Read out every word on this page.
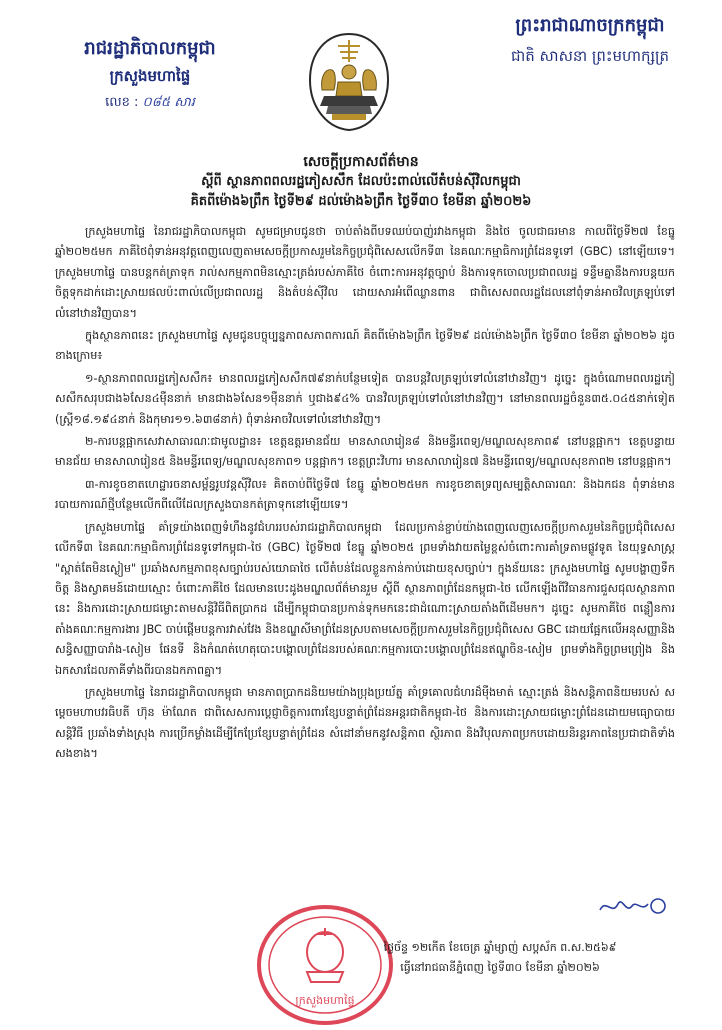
រាជរដ្ឋាភិបាលកម្ពុជា
ក្រសួងមហាផ្ទៃ
លេខ : ០៨៥ សារ
ព្រះរាជាណាចក្រកម្ពុជា
ជាតិ សាសនា ព្រះមហាក្សត្រ
សេចក្តីប្រកាសព័ត៌មាន
ស្តីពី ស្ថានភាពពលរដ្ឋភៀសសឹក ដែលប៉ះពាល់លើតំបន់ស៊ីវិលកម្ពុជា
គិតពីម៉ោង៦ព្រឹក ថ្ងៃទី២៩ ដល់ម៉ោង៦ព្រឹក ថ្ងៃទី៣០ ខែមីនា ឆ្នាំ២០២៦

ក្រសួងមហាផ្ទៃ នៃរាជរដ្ឋាភិបាលកម្ពុជា សូមជម្រាបជូនថា ចាប់តាំងពីបទឈប់បាញ់រវាងកម្ពុជា និងថៃ ចូលជាធរមាន កាលពីថ្ងៃទី២៧ ខែធ្នូ ឆ្នាំ២០២៥មក ភាគីថៃពុំទាន់អនុវត្តពេញលេញតាមសេចក្តីប្រកាសរួមនៃកិច្ចប្រជុំពិសេសលើកទី៣ នៃគណៈកម្មាធិការព្រំដែនទូទៅ (GBC) នៅឡើយទេ។ ក្រសួងមហាផ្ទៃ បានបន្តកត់ត្រាទុក រាល់សកម្មភាពមិនស្មោះត្រង់របស់ភាគីថៃ ចំពោះការអនុវត្តច្បាប់ និងការទុកចោលប្រជាពលរដ្ឋ ទន្ទឹមគ្នានឹងការបន្តយកចិត្តទុកដាក់ដោះស្រាយផលប៉ះពាល់លើប្រជាពលរដ្ឋ និងតំបន់ស៊ីវិល ដោយសារអំពើឈ្លានពាន ជាពិសេសពលរដ្ឋដែលនៅពុំទាន់អាចវិលត្រឡប់ទៅលំនៅឋានវិញបាន។

ក្នុងស្ថានភាពនេះ ក្រសួងមហាផ្ទៃ សូមជូនបច្ចុប្បន្នភាពសភាពការណ៍ គិតពីម៉ោង៦ព្រឹក ថ្ងៃទី២៩ ដល់ម៉ោង៦ព្រឹក ថ្ងៃទី៣០ ខែមីនា ឆ្នាំ២០២៦ ដូចខាងក្រោម៖

១-ស្ថានភាពពលរដ្ឋភៀសសឹក៖ មានពលរដ្ឋភៀសសឹក៧៩នាក់បន្ថែមទៀត បានបន្តវិលត្រឡប់ទៅលំនៅឋានវិញ។ ដូច្នេះ ក្នុងចំណោមពលរដ្ឋភៀសសឹកសរុបជាង៦សែន៤ម៉ឺននាក់ មានជាង៦សែន១ម៉ឺននាក់ ឬជាង៩៤% បានវិលត្រឡប់ទៅលំនៅឋានវិញ។ នៅមានពលរដ្ឋចំនួន៣៥.០៤៥នាក់ទៀត (ស្ត្រី១៨.១៩៤នាក់ និងកុមារ១១.៦៣៨នាក់) ពុំទាន់អាចវិលទៅលំនៅឋានវិញ។

២-ការបន្តផ្អាកសេវាសាធារណៈជាមូលដ្ឋាន៖ ខេត្តឧត្តរមានជ័យ មានសាលារៀន៨ និងមន្ទីរពេទ្យ/មណ្ឌលសុខភាព៩ នៅបន្តផ្អាក។ ខេត្តបន្ទាយមានជ័យ មានសាលារៀន៥ និងមន្ទីរពេទ្យ/មណ្ឌលសុខភាព១ បន្តផ្អាក។ ខេត្តព្រះវិហារ មានសាលារៀន៧ និងមន្ទីរពេទ្យ/មណ្ឌលសុខភាព២ នៅបន្តផ្អាក។

៣-ការខូចខាតហេដ្ឋារចនាសម្ព័ន្ធរូបវន្តស៊ីវិល៖ គិតចាប់ពីថ្ងៃទី៧ ខែធ្នូ ឆ្នាំ២០២៥មក ការខូចខាតទ្រព្យសម្បត្តិសាធារណៈ និងឯកជន ពុំទាន់មានរបាយការណ៍ថ្មីបន្ថែមលើកពីលើដែលក្រសួងបានកត់ត្រាទុកនៅឡើយទេ។

ក្រសួងមហាផ្ទៃ គាំទ្រយ៉ាងពេញទំហឹងនូវជំហររបស់រាជរដ្ឋាភិបាលកម្ពុជា ដែលប្រកាន់ខ្ជាប់យ៉ាងពេញលេញសេចក្តីប្រកាសរួមនៃកិច្ចប្រជុំពិសេសលើកទី៣ នៃគណៈកម្មាធិការព្រំដែនទូទៅកម្ពុជា-ថៃ (GBC) ថ្ងៃទី២៧ ខែធ្នូ ឆ្នាំ២០២៥ ព្រមទាំងវាយតម្លៃខ្ពស់ចំពោះការគាំទ្រតាមផ្លូវទូត នៃយុទ្ធសាស្ត្រ "ស្ពាត់តែមិនស្ងៀម" ប្រឆាំងសកម្មភាពខុសច្បាប់របស់យោធាថៃ លើតំបន់ដែលខ្លួនកាន់កាប់ដោយខុសច្បាប់។ ក្នុងន័យនេះ ក្រសួងមហាផ្ទៃ សូមបង្ហាញទឹកចិត្ត និងស្វាគមន៍ដោយស្មោះ ចំពោះភាគីថៃ ដែលមានបេះដូងមណ្ឌលព័ត៌មានរួម ស្តីពី ស្ថានភាពព្រំដែនកម្ពុជា-ថៃ លើកឡើងពីវិធានការជួសជុលស្ថានភាពនេះ និងការដោះស្រាយជម្លោះតាមសន្តិវិធីពិតប្រាកដ ដើម្បីកម្ពុជាបានប្រកាន់ទុកមកនេះជាដំណោះស្រាយតាំងពីដើមមក។ ដូច្នេះ សូមភាគីថៃ ពន្លឿនការតាំងគណៈកម្មការងារ JBC ចាប់ផ្តើមបន្តការវាស់វែង និងខណ្ឌសីមាព្រំដែនស្របតាមសេចក្តីប្រកាសរួមនៃកិច្ចប្រជុំពិសេស GBC ដោយផ្អែកលើអនុសញ្ញានិងសន្ធិសញ្ញាបារាំង-សៀម ផែនទី និងកំណត់ហេតុបោះបង្គោលព្រំដែនរបស់គណៈកម្មការបោះបង្គោលព្រំដែនឥណ្ឌូចិន-សៀម ព្រមទាំងកិច្ចព្រមព្រៀង និងឯកសារដែលភាគីទាំងពីរបានឯកភាពគ្នា។

ក្រសួងមហាផ្ទៃ នៃរាជរដ្ឋាភិបាលកម្ពុជា មានភាពប្រាកដនិយមយ៉ាងប្រុងប្រយ័ត្ន គាំទ្រគោលជំហរដ៏មុឺងមាត់ ស្មោះត្រង់ និងសន្តិភាពនិយមរបស់ សម្តេចមហាបវរធិបតី ហ៊ុន ម៉ាណែត ជាពិសេសការប្តេជ្ញាចិត្តការពារខ្សែបន្ទាត់ព្រំដែនអន្តរជាតិកម្ពុជា-ថៃ និងការដោះស្រាយជម្លោះព្រំដែនដោយមធ្យោបាយសន្តិវិធី ប្រឆាំងទាំងស្រុង ការប្រើកម្លាំងដើម្បីកែប្រែខ្សែបន្ទាត់ព្រំដែន សំដៅនាំមកនូវសន្តិភាព ស្ថិរភាព និងវិបុលភាពប្រកបដោយនិរន្តរភាពនៃប្រជាជាតិទាំងសងខាង។

ក្រសួងមហាផ្ទៃ
ថ្ងៃច័ន្ទ ១២កើត ខែចេត្រ ឆ្នាំម្សាញ់ សប្តស័ក ព.ស.២៥៦៩
ធ្វើនៅរាជធានីភ្នំពេញ ថ្ងៃទី៣០ ខែមីនា ឆ្នាំ២០២៦
